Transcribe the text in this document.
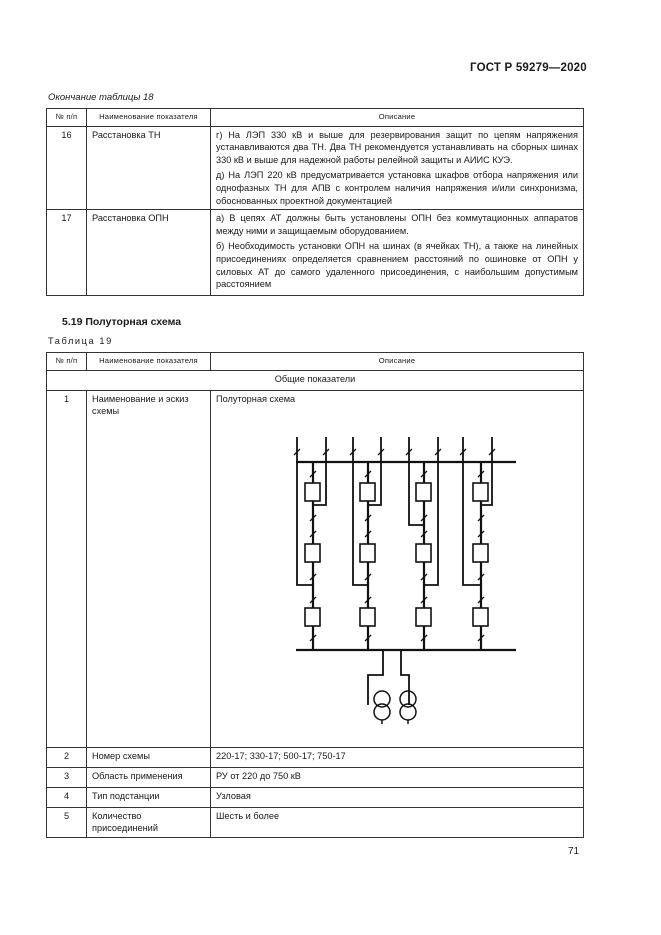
ГОСТ Р 59279—2020
Окончание таблицы 18
№ п/п	Наименование показателя	Описание
16	Расстановка ТН	г) На ЛЭП 330 кВ и выше для резервирования защит по цепям напряжения устанавливаются два ТН. Два ТН рекомендуется устанавливать на сборных шинах 330 кВ и выше для надежной работы релейной защиты и АИИС КУЭ.
д) На ЛЭП 220 кВ предусматривается установка шкафов отбора напряжения или однофазных ТН для АПВ с контролем наличия напряжения и/или синхронизма, обоснованных проектной документацией

17	Расстановка ОПН	а) В цепях АТ должны быть установлены ОПН без коммутационных аппаратов между ними и защищаемым оборудованием.
б) Необходимость установки ОПН на шинах (в ячейках ТН), а также на линейных присоединениях определяется сравнением расстояний по ошиновке от ОПН у силовых АТ до самого удаленного присоединения, с наибольшим допустимым расстоянием
5.19 Полуторная схема
Таблица 19
№ п/п	Наименование показателя	Описание
Общие показатели		
1	Наименование и эскиз схемы	Полуторная схема

2	Номер схемы	220-17; 330-17; 500-17; 750-17
3	Область применения	РУ от 220 до 750 кВ
4	Тип подстанции	Узловая
5	Количество присоединений	Шесть и более
71
